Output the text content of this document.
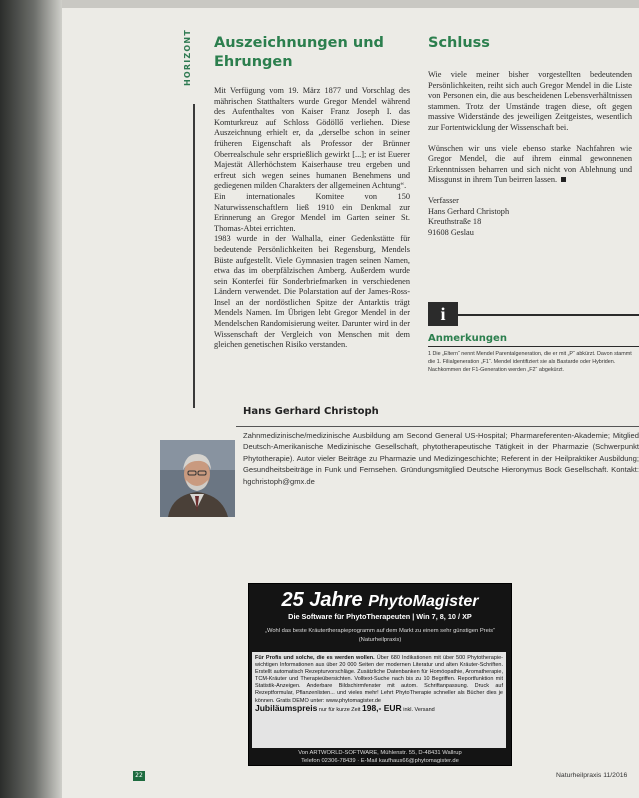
HORIZONT Auszeichnungen und Ehrungen
Schluss

Mit Verfügung vom 19. März 1877 und Vorschlag des mährischen Statthalters wurde Gregor Mendel während des Aufenthaltes von Kaiser Franz Joseph I. das Komturkreuz auf Schloss Gödöllő verliehen. Diese Auszeichnung erhielt er, da „derselbe schon in seiner früheren Eigenschaft als Professor der Brünner Oberrealschule sehr ersprießlich gewirkt [...]; er ist Euerer Majestät Allerhöchstem Kaiserhause treu ergeben und erfreut sich wegen seines humanen Benehmens und gediegenen milden Charakters der allgemeinen Achtung“.

Ein internationales Komitee von 150 Naturwissenschaftlern ließ 1910 ein Denkmal zur Erinnerung an Gregor Mendel im Garten seiner St. Thomas-Abtei errichten.

1983 wurde in der Walhalla, einer Gedenkstätte für bedeutende Persönlichkeiten bei Regensburg, Mendels Büste aufgestellt. Viele Gymnasien tragen seinen Namen, etwa das im oberpfälzischen Amberg. Außerdem wurde sein Konterfei für Sonderbriefmarken in verschiedenen Ländern verwendet. Die Polarstation auf der James-Ross-Insel an der nordöstlichen Spitze der Antarktis trägt Mendels Namen. Im Übrigen lebt Gregor Mendel in der Mendelschen Randomisierung weiter. Darunter wird in der Wissenschaft der Vergleich von Menschen mit dem gleichen genetischen Risiko verstanden.

Wie viele meiner bisher vorgestellten bedeutenden Persönlichkeiten, reiht sich auch Gregor Mendel in die Liste von Personen ein, die aus bescheidenen Lebensverhältnissen stammen. Trotz der Umstände tragen diese, oft gegen massive Widerstände des jeweiligen Zeitgeistes, wesentlich zur Fortentwicklung der Wissenschaft bei.

Wünschen wir uns viele ebenso starke Nachfahren wie Gregor Mendel, die auf ihrem einmal gewonnenen Erkenntnissen beharren und sich nicht von Ablehnung und Missgunst in ihrem Tun beirren lassen.

Verfasser

Hans Gerhard Christoph

Kreuthstraße 18

91608 Geslau

i
Anmerkungen
1 Die „Eltern“ nennt Mendel Parentalgeneration, die er mit „P“ abkürzt. Davon stammt die 1. Filialgeneration „F1“. Mendel identifiziert sie als Bastarde oder Hybriden. Nachkommen der F1-Generation werden „F2“ abgekürzt.
Hans Gerhard Christoph
Zahnmedizinische/medizinische Ausbildung am Second General US-Hospital; Pharmareferenten-Akademie; Mitglied Deutsch-Amerikanische Medizinische Gesellschaft, phytotherapeutische Tätigkeit in der Pharmazie (Schwerpunkt Phytotherapie). Autor vieler Beiträge zu Pharmazie und Medizingeschichte; Referent in der Heilpraktiker Ausbildung; Gesundheitsbeiträge in Funk und Fernsehen. Gründungsmitglied Deutsche Hieronymus Bock Gesellschaft. Kontakt: hgchristoph@gmx.de
25 Jahre PhytoMagister
Die Software für PhytoTherapeuten | Win 7, 8, 10 / XP
„Wohl das beste Kräutertherapieprogramm auf dem Markt zu einem sehr günstigen Preis“ (Naturheilpraxis)
Für Profis und solche, die es werden wollen. Über 680 Indikationen mit über 500 Phytotherapie-wichtigen Informationen aus über 20 000 Seiten der modernen Literatur und alten Kräuter-Schriften. Erstellt automatisch Rezepturvorschläge. Zusätzliche Datenbanken für Homöopathie, Aromatherapie, TCM-Kräuter und Therapieübersichten. Volltext-Suche nach bis zu 10 Begriffen. Reportfunktion mit Statistik-Anzeigen. Anderbare Bildschirmfenster mit autom. Schriftanpassung. Druck auf Rezeptformular, Pflanzenlisten... und vieles mehr! Lehrt PhytoTherapie schneller als Bücher dies je können. Gratis DEMO unter: www.phytomagister.de
Jubiläumspreis nur für kurze Zeit 198,- EUR inkl. Versand
Von ARTWORLD-SOFTWARE, Mühlenstr. 55, D-48431 Wallrup
Telefon 02306-78439 · E-Mail kaufhaus66@phytomagister.de
22	Naturheilpraxis 11/2016
